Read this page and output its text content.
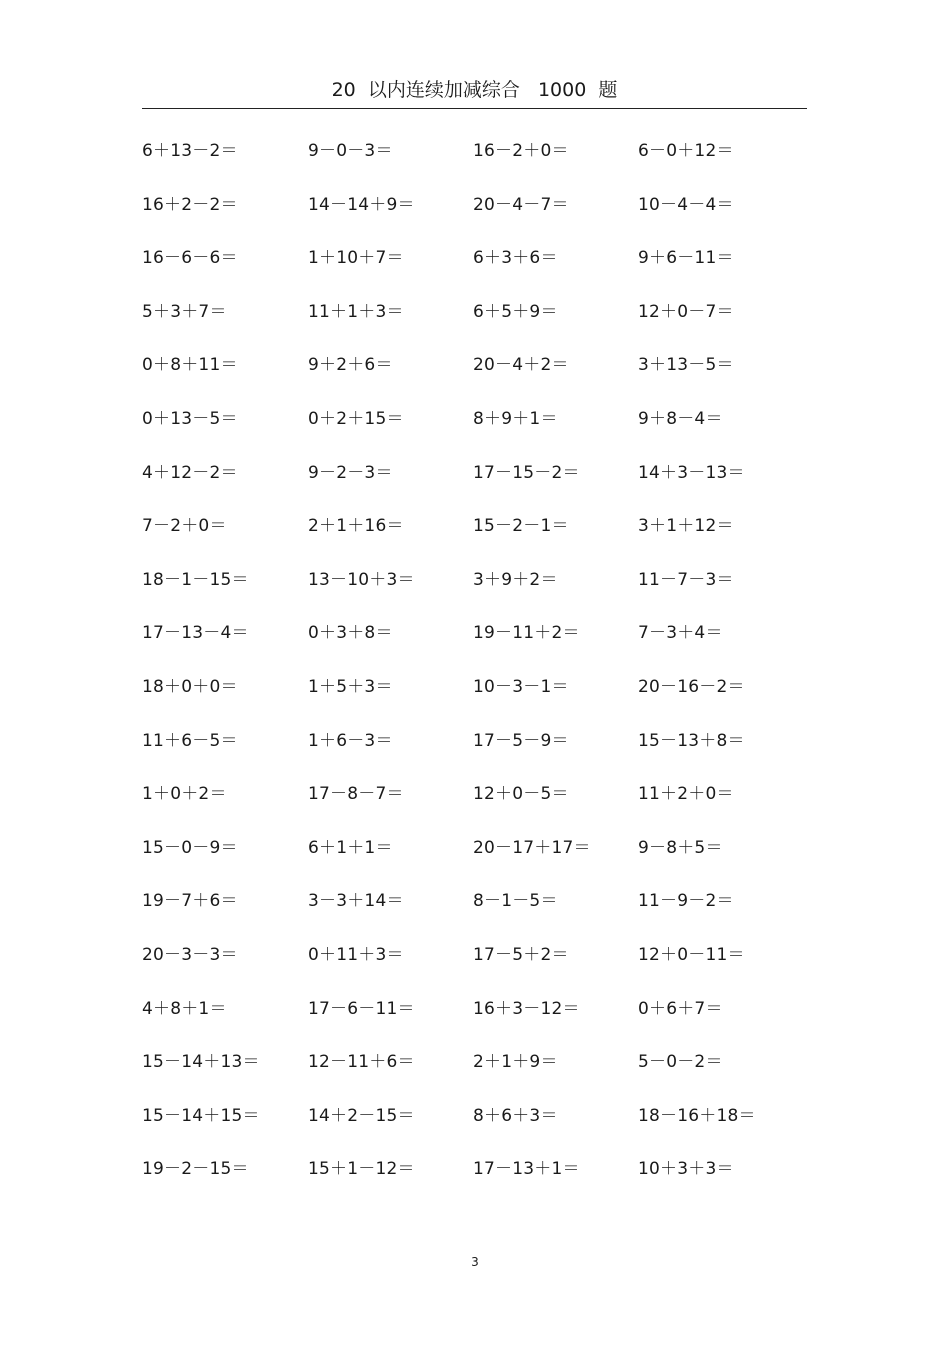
20  以内连续加减综合   1000  题
6＋13－2＝	9－0－3＝	16－2＋0＝	6－0＋12＝
16＋2－2＝	14－14＋9＝	20－4－7＝	10－4－4＝
16－6－6＝	1＋10＋7＝	6＋3＋6＝	9＋6－11＝
5＋3＋7＝	11＋1＋3＝	6＋5＋9＝	12＋0－7＝
0＋8＋11＝	9＋2＋6＝	20－4＋2＝	3＋13－5＝
0＋13－5＝	0＋2＋15＝	8＋9＋1＝	9＋8－4＝
4＋12－2＝	9－2－3＝	17－15－2＝	14＋3－13＝
7－2＋0＝	2＋1＋16＝	15－2－1＝	3＋1＋12＝
18－1－15＝	13－10＋3＝	3＋9＋2＝	11－7－3＝
17－13－4＝	0＋3＋8＝	19－11＋2＝	7－3＋4＝
18＋0＋0＝	1＋5＋3＝	10－3－1＝	20－16－2＝
11＋6－5＝	1＋6－3＝	17－5－9＝	15－13＋8＝
1＋0＋2＝	17－8－7＝	12＋0－5＝	11＋2＋0＝
15－0－9＝	6＋1＋1＝	20－17＋17＝	9－8＋5＝
19－7＋6＝	3－3＋14＝	8－1－5＝	11－9－2＝
20－3－3＝	0＋11＋3＝	17－5＋2＝	12＋0－11＝
4＋8＋1＝	17－6－11＝	16＋3－12＝	0＋6＋7＝
15－14＋13＝	12－11＋6＝	2＋1＋9＝	5－0－2＝
15－14＋15＝	14＋2－15＝	8＋6＋3＝	18－16＋18＝
19－2－15＝	15＋1－12＝	17－13＋1＝	10＋3＋3＝
3
